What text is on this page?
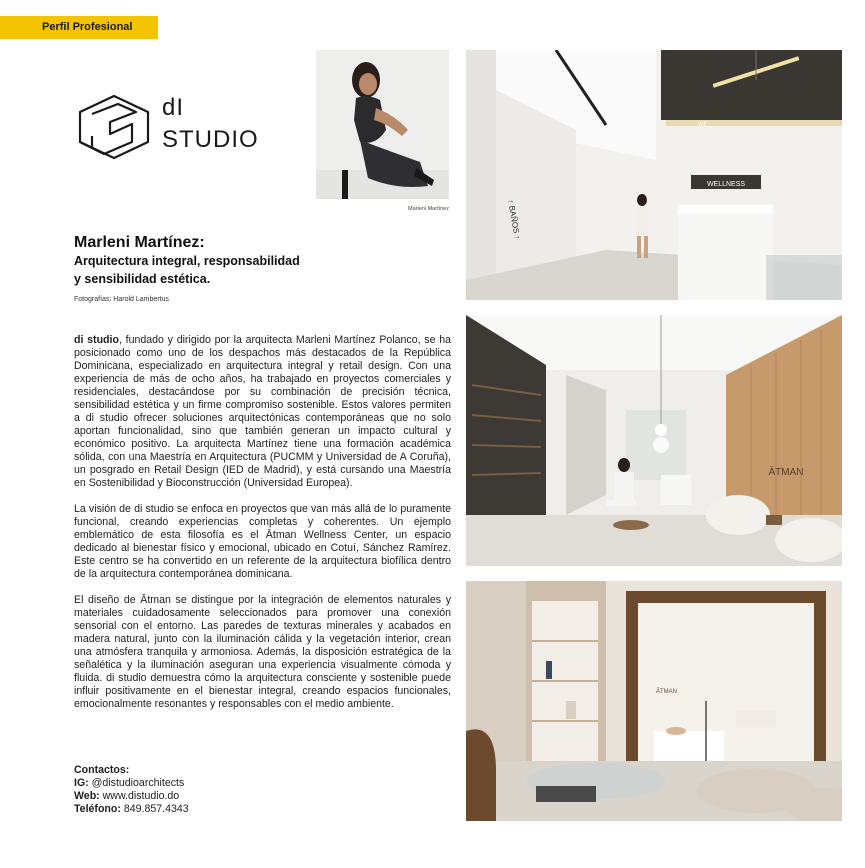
Perfil Profesional
dI
STUDIO
Marleni Martínez
Marleni Martínez:
Arquitectura integral, responsabilidad
y sensibilidad estética.
Fotografías: Harold Lambertus

di studio, fundado y dirigido por la arquitecta Marleni Martínez Polanco, se ha posicionado como uno de los despachos más destacados de la República Dominicana, especializado en arquitectura integral y retail design. Con una experiencia de más de ocho años, ha trabajado en proyectos comerciales y residenciales, destacándose por su combinación de precisión técnica, sensibilidad estética y un firme compromiso sostenible. Estos valores permiten a di studio ofrecer soluciones arquitectónicas contemporáneas que no solo aportan funcionalidad, sino que también generan un impacto cultural y económico positivo. La arquitecta Martínez tiene una formación académica sólida, con una Maestría en Arquitectura (PUCMM y Universidad de A Coruña), un posgrado en Retail Design (IED de Madrid), y está cursando una Maestría en Sostenibilidad y Bioconstrucción (Universidad Europea).

La visión de di studio se enfoca en proyectos que van más allá de lo puramente funcional, creando experiencias completas y coherentes. Un ejemplo emblemático de esta filosofía es el Ātman Wellness Center, un espacio dedicado al bienestar físico y emocional, ubicado en Cotuí, Sánchez Ramírez. Este centro se ha convertido en un referente de la arquitectura biofílica dentro de la arquitectura contemporánea dominicana.

El diseño de Ātman se distingue por la integración de elementos naturales y materiales cuidadosamente seleccionados para promover una conexión sensorial con el entorno. Las paredes de texturas minerales y acabados en madera natural, junto con la iluminación cálida y la vegetación interior, crean una atmósfera tranquila y armoniosa. Además, la disposición estratégica de la señalética y la iluminación aseguran una experiencia visualmente cómoda y fluida. di studio demuestra cómo la arquitectura consciente y sostenible puede influir positivamente en el bienestar integral, creando espacios funcionales, emocionalmente resonantes y responsables con el medio ambiente.

Contactos:
IG: @distudioarchitects
Web: www.distudio.do
Teléfono: 849.857.4343
WELLNESS
WE
↑ BAÑOS ↑
ĀTMAN
ĀTMAN
